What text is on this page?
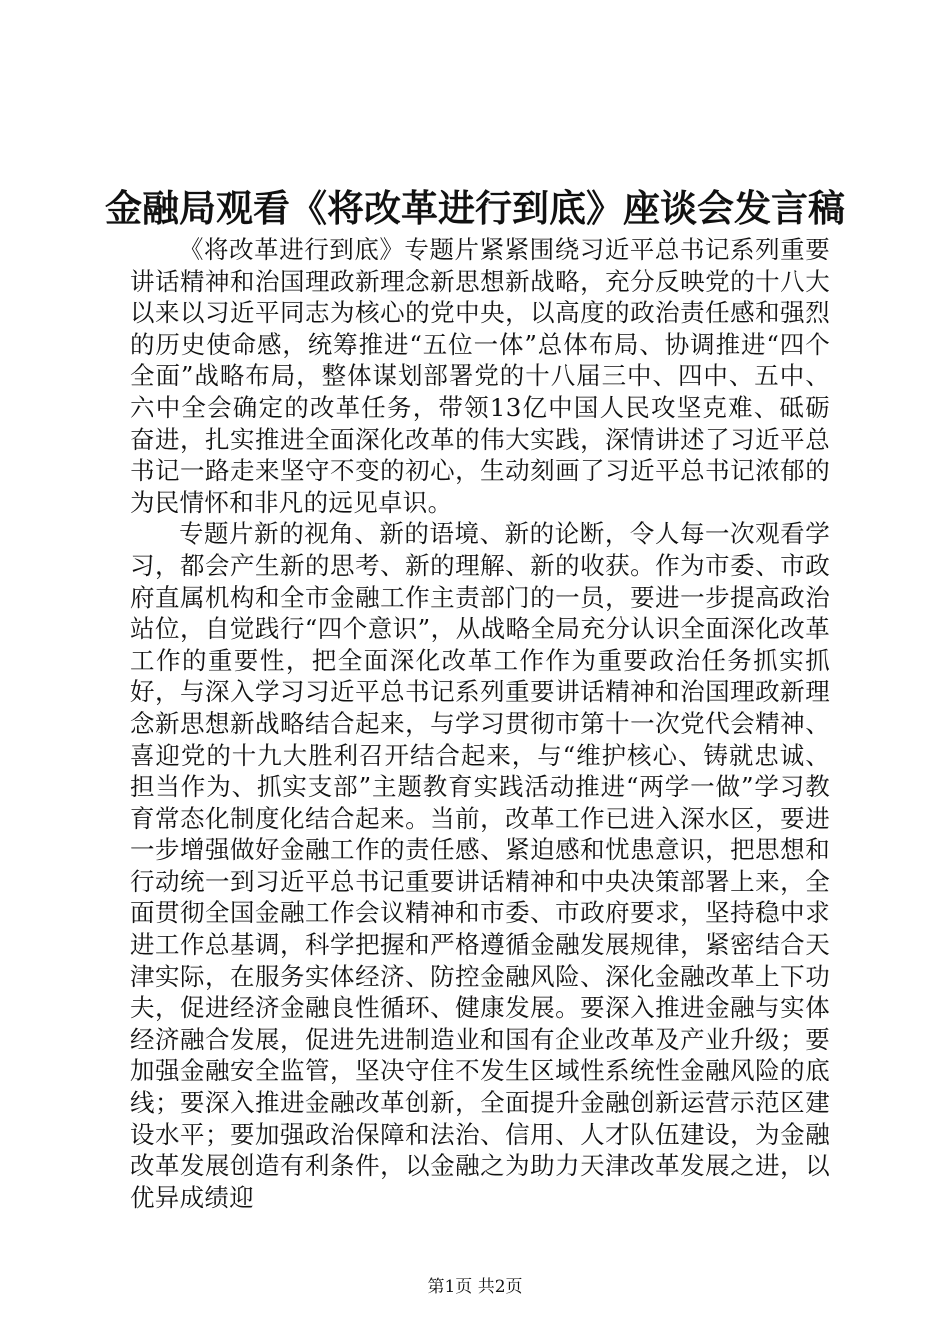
金融局观看《将改革进行到底》座谈会发言稿

《将改革进行到底》专题片紧紧围绕习近平总书记系列重要讲话精神和治国理政新理念新思想新战略，充分反映党的十八大以来以习近平同志为核心的党中央，以高度的政治责任感和强烈的历史使命感，统筹推进“五位一体”总体布局、协调推进“四个全面”战略布局，整体谋划部署党的十八届三中、四中、五中、六中全会确定的改革任务，带领13亿中国人民攻坚克难、砥砺奋进，扎实推进全面深化改革的伟大实践，深情讲述了习近平总书记一路走来坚守不变的初心，生动刻画了习近平总书记浓郁的为民情怀和非凡的远见卓识。

专题片新的视角、新的语境、新的论断，令人每一次观看学习，都会产生新的思考、新的理解、新的收获。作为市委、市政府直属机构和全市金融工作主责部门的一员，要进一步提高政治站位，自觉践行“四个意识”，从战略全局充分认识全面深化改革工作的重要性，把全面深化改革工作作为重要政治任务抓实抓好，与深入学习习近平总书记系列重要讲话精神和治国理政新理念新思想新战略结合起来，与学习贯彻市第十一次党代会精神、喜迎党的十九大胜利召开结合起来，与“维护核心、铸就忠诚、担当作为、抓实支部”主题教育实践活动推进“两学一做”学习教育常态化制度化结合起来。当前，改革工作已进入深水区，要进一步增强做好金融工作的责任感、紧迫感和忧患意识，把思想和行动统一到习近平总书记重要讲话精神和中央决策部署上来，全面贯彻全国金融工作会议精神和市委、市政府要求，坚持稳中求进工作总基调，科学把握和严格遵循金融发展规律，紧密结合天津实际，在服务实体经济、防控金融风险、深化金融改革上下功夫，促进经济金融良性循环、健康发展。要深入推进金融与实体经济融合发展，促进先进制造业和国有企业改革及产业升级；要加强金融安全监管，坚决守住不发生区域性系统性金融风险的底线；要深入推进金融改革创新，全面提升金融创新运营示范区建设水平；要加强政治保障和法治、信用、人才队伍建设，为金融改革发展创造有利条件，以金融之为助力天津改革发展之进，以优异成绩迎

第1页 共2页
